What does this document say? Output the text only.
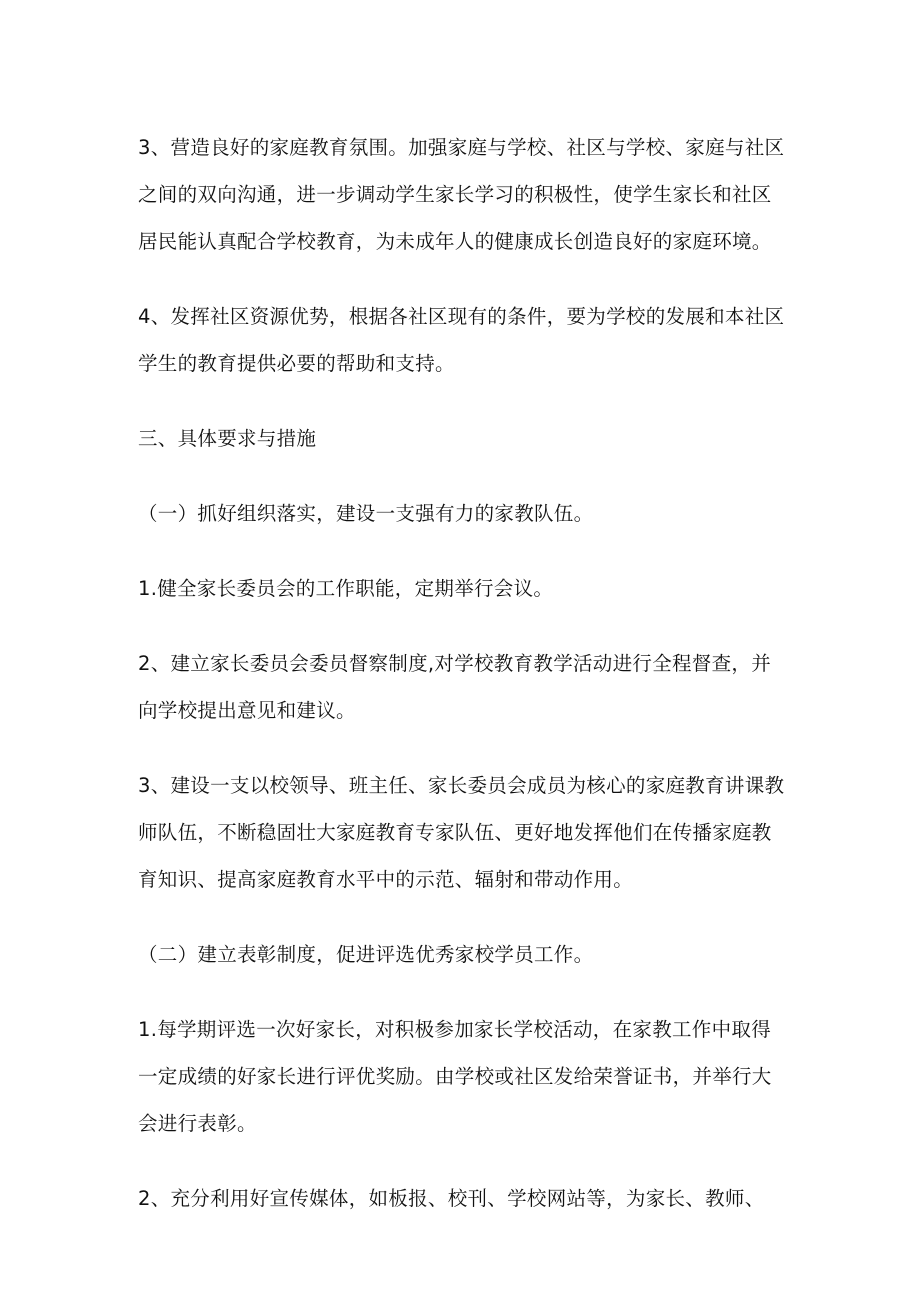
3、营造良好的家庭教育氛围。加强家庭与学校、社区与学校、家庭与社区之间的双向沟通，进一步调动学生家长学习的积极性，使学生家长和社区居民能认真配合学校教育，为未成年人的健康成长创造良好的家庭环境。

4、发挥社区资源优势，根据各社区现有的条件，要为学校的发展和本社区学生的教育提供必要的帮助和支持。

三、具体要求与措施

（一）抓好组织落实，建设一支强有力的家教队伍。

1.健全家长委员会的工作职能，定期举行会议。

2、建立家长委员会委员督察制度,对学校教育教学活动进行全程督查，并向学校提出意见和建议。

3、建设一支以校领导、班主任、家长委员会成员为核心的家庭教育讲课教师队伍，不断稳固壮大家庭教育专家队伍、更好地发挥他们在传播家庭教育知识、提高家庭教育水平中的示范、辐射和带动作用。

（二）建立表彰制度，促进评选优秀家校学员工作。

1.每学期评选一次好家长，对积极参加家长学校活动，在家教工作中取得一定成绩的好家长进行评优奖励。由学校或社区发给荣誉证书，并举行大会进行表彰。

2、充分利用好宣传媒体，如板报、校刊、学校网站等，为家长、教师、
